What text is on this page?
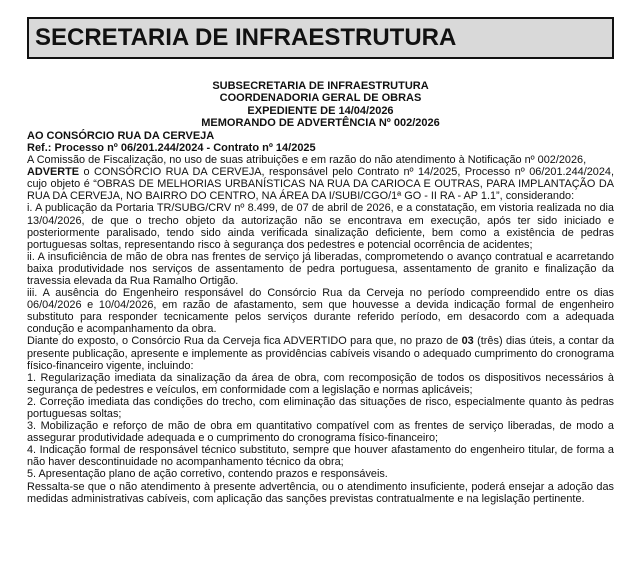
SECRETARIA DE INFRAESTRUTURA
SUBSECRETARIA DE INFRAESTRUTURA
COORDENADORIA GERAL DE OBRAS
EXPEDIENTE DE 14/04/2026
MEMORANDO DE ADVERTÊNCIA Nº 002/2026
AO CONSÓRCIO RUA DA CERVEJA
Ref.: Processo nº 06/201.244/2024 - Contrato nº 14/2025

A Comissão de Fiscalização, no uso de suas atribuições e em razão do não atendimento à Notificação nº 002/2026,
ADVERTE o CONSÓRCIO RUA DA CERVEJA, responsável pelo Contrato nº 14/2025, Processo nº 06/201.244/2024, cujo objeto é “OBRAS DE MELHORIAS URBANÍSTICAS NA RUA DA CARIOCA E OUTRAS, PARA IMPLANTAÇÃO DA RUA DA CERVEJA, NO BAIRRO DO CENTRO, NA ÁREA DA I/SUBI/CGO/1ª GO - II RA - AP 1.1”, considerando:

i. A publicação da Portaria TR/SUBG/CRV nº 8.499, de 07 de abril de 2026, e a constatação, em vistoria realizada no dia 13/04/2026, de que o trecho objeto da autorização não se encontrava em execução, após ter sido iniciado e posteriormente paralisado, tendo sido ainda verificada sinalização deficiente, bem como a existência de pedras portuguesas soltas, representando risco à segurança dos pedestres e potencial ocorrência de acidentes;

ii. A insuficiência de mão de obra nas frentes de serviço já liberadas, comprometendo o avanço contratual e acarretando baixa produtividade nos serviços de assentamento de pedra portuguesa, assentamento de granito e finalização da travessia elevada da Rua Ramalho Ortigão.

iii. A ausência do Engenheiro responsável do Consórcio Rua da Cerveja no período compreendido entre os dias 06/04/2026 e 10/04/2026, em razão de afastamento, sem que houvesse a devida indicação formal de engenheiro substituto para responder tecnicamente pelos serviços durante referido período, em desacordo com a adequada condução e acompanhamento da obra.

Diante do exposto, o Consórcio Rua da Cerveja fica ADVERTIDO para que, no prazo de 03 (três) dias úteis, a contar da presente publicação, apresente e implemente as providências cabíveis visando o adequado cumprimento do cronograma físico-financeiro vigente, incluindo:

1. Regularização imediata da sinalização da área de obra, com recomposição de todos os dispositivos necessários à segurança de pedestres e veículos, em conformidade com a legislação e normas aplicáveis;

2. Correção imediata das condições do trecho, com eliminação das situações de risco, especialmente quanto às pedras portuguesas soltas;

3. Mobilização e reforço de mão de obra em quantitativo compatível com as frentes de serviço liberadas, de modo a assegurar produtividade adequada e o cumprimento do cronograma físico-financeiro;

4. Indicação formal de responsável técnico substituto, sempre que houver afastamento do engenheiro titular, de forma a não haver descontinuidade no acompanhamento técnico da obra;

5. Apresentação plano de ação corretivo, contendo prazos e responsáveis.

Ressalta-se que o não atendimento à presente advertência, ou o atendimento insuficiente, poderá ensejar a adoção das medidas administrativas cabíveis, com aplicação das sanções previstas contratualmente e na legislação pertinente.
